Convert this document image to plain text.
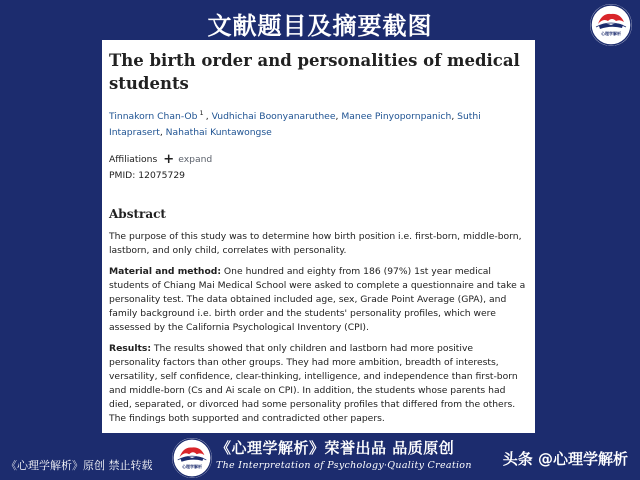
文献题目及摘要截图	心理学解析
The birth order and personalities of medical students
Tinnakorn Chan-Ob $^1$ , Vudhichai Boonyanaruthee, Manee Pinyopornpanich, Suthi Intaprasert, Nahathai Kuntawongse
Affiliations + expand
PMID: 12075729
Abstract

The purpose of this study was to determine how birth position i.e. first-born, middle-born, lastborn, and only child, correlates with personality.

Material and method: One hundred and eighty from 186 (97%) 1st year medical students of Chiang Mai Medical School were asked to complete a questionnaire and take a personality test. The data obtained included age, sex, Grade Point Average (GPA), and family background i.e. birth order and the students' personality profiles, which were assessed by the California Psychological Inventory (CPI).

Results: The results showed that only children and lastborn had more positive personality factors than other groups. They had more ambition, breadth of interests, versatility, self confidence, clear-thinking, intelligence, and independence than first-born and middle-born (Cs and Ai scale on CPI). In addition, the students whose parents had died, separated, or divorced had some personality profiles that differed from the others. The findings both supported and contradicted other papers.

《心理学解析》原创 禁止转载	心理学解析
《心理学解析》荣誉出品 品质原创
The Interpretation of Psychology·Quality Creation 头条 @心理学解析
